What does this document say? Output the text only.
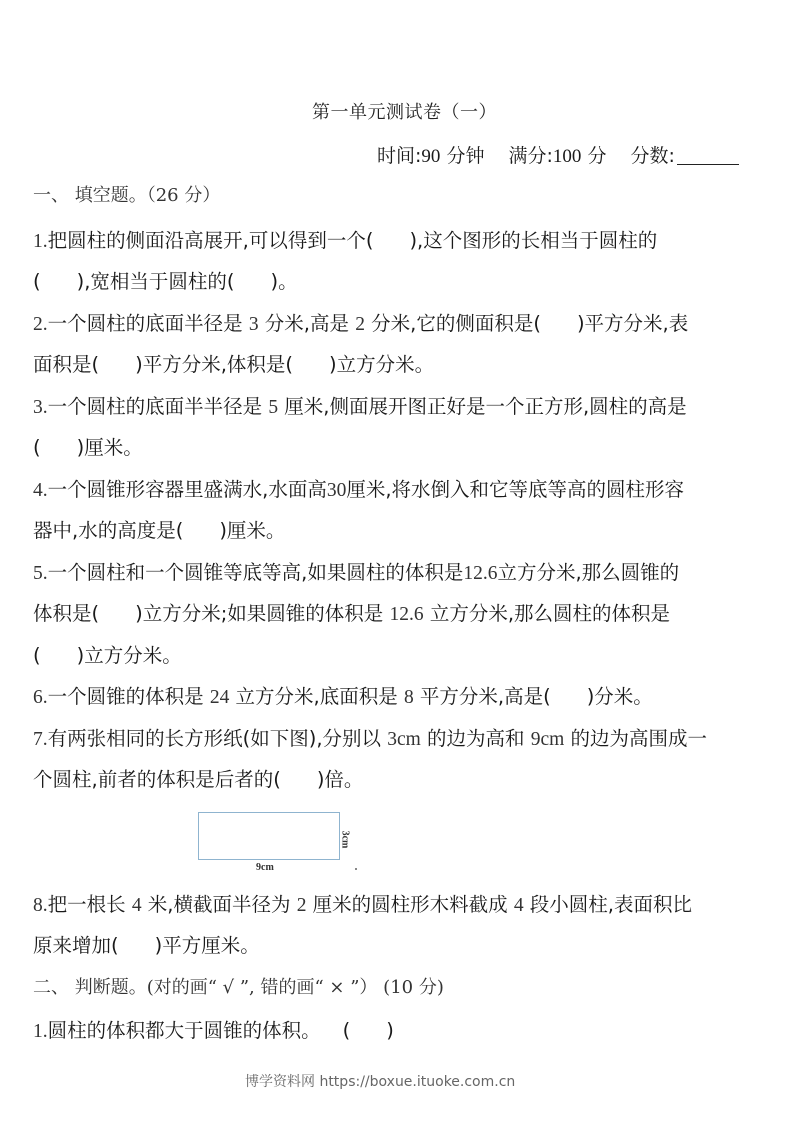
第一单元测试卷（一）
时间:90 分钟 满分:100 分 分数:
一、 填空题。（26 分）
1.把圆柱的侧面沿高展开,可以得到一个( ),这个图形的长相当于圆柱的
( ),宽相当于圆柱的( )。
2.一个圆柱的底面半径是 3 分米,高是 2 分米,它的侧面积是( )平方分米,表
面积是( )平方分米,体积是( )立方分米。
3.一个圆柱的底面半半径是 5 厘米,侧面展开图正好是一个正方形,圆柱的高是
( )厘米。
4.一个圆锥形容器里盛满水,水面高30厘米,将水倒入和它等底等高的圆柱形容
器中,水的高度是( )厘米。
5.一个圆柱和一个圆锥等底等高,如果圆柱的体积是12.6立方分米,那么圆锥的
体积是( )立方分米;如果圆锥的体积是 12.6 立方分米,那么圆柱的体积是
( )立方分米。
6.一个圆锥的体积是 24 立方分米,底面积是 8 平方分米,高是( )分米。
7.有两张相同的长方形纸(如下图),分别以 3cm 的边为高和 9cm 的边为高围成一
个圆柱,前者的体积是后者的( )倍。
9cm
3cm
8.把一根长 4 米,横截面半径为 2 厘米的圆柱形木料截成 4 段小圆柱,表面积比
原来增加( )平方厘米。
二、 判断题。(对的画“ √ ”, 错的画“ × ”） (10 分)
1.圆柱的体积都大于圆锥的体积。 ( )
博学资料网 https://boxue.ituoke.com.cn
